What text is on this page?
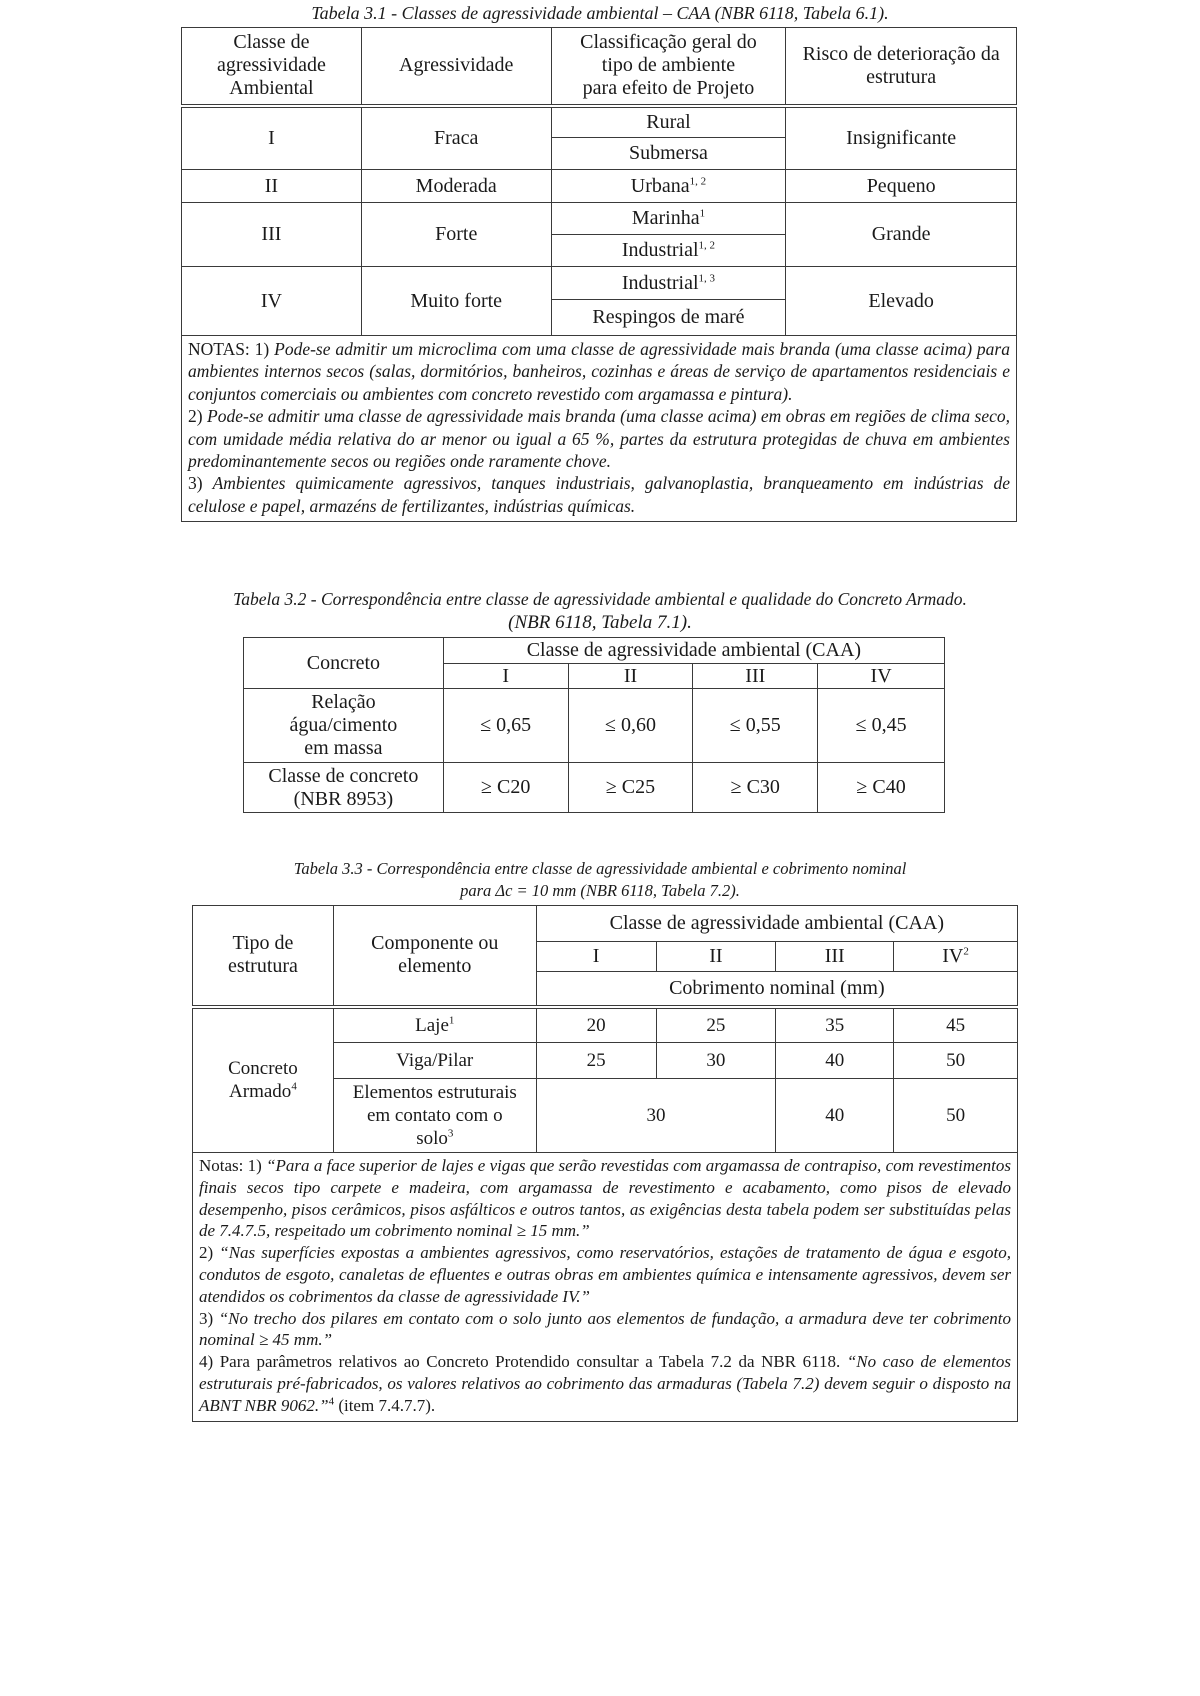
Tabela 3.1 - Classes de agressividade ambiental – CAA (NBR 6118, Tabela 6.1).
Classe de
agressividade
Ambiental	Agressividade	Classificação geral do
tipo de ambiente
para efeito de Projeto	Risco de deterioração da
estrutura
I	Fraca	Rural	Insignificante
		Submersa	
II	Moderada	Urbana$^{1, 2}$	Pequeno
III	Forte	Marinha$^1$	Grande
		Industrial$^{1, 2}$
IV	Muito forte	Industrial$^{1, 3}$	Elevado
		Respingos de maré	

NOTAS: 1) Pode-se admitir um microclima com uma classe de agressividade mais branda (uma classe acima) para ambientes internos secos (salas, dormitórios, banheiros, cozinhas e áreas de serviço de apartamentos residenciais e conjuntos comerciais ou ambientes com concreto revestido com argamassa e pintura).

2) Pode-se admitir uma classe de agressividade mais branda (uma classe acima) em obras em regiões de clima seco, com umidade média relativa do ar menor ou igual a 65 %, partes da estrutura protegidas de chuva em ambientes predominantemente secos ou regiões onde raramente chove.

3) Ambientes quimicamente agressivos, tanques industriais, galvanoplastia, branqueamento em indústrias de celulose e papel, armazéns de fertilizantes, indústrias químicas.			

Tabela 3.2 - Correspondência entre classe de agressividade ambiental e qualidade do Concreto Armado.
(NBR 6118, Tabela 7.1).
Concreto	Classe de agressividade ambiental (CAA)			
	I	II	III	IV
Relação
água/cimento
em massa	≤ 0,65	≤ 0,60	≤ 0,55	≤ 0,45
Classe de concreto
(NBR 8953)	≥ C20	≥ C25	≥ C30	≥ C40
Tabela 3.3 - Correspondência entre classe de agressividade ambiental e cobrimento nominal
para Δc = 10 mm (NBR 6118, Tabela 7.2).
Tipo de
estrutura	Componente ou
elemento	Classe de agressividade ambiental (CAA)			
		I	II	III	$IV^2$
		Cobrimento nominal (mm)			
Concreto
Armado$^4$	Laje$^1$	20	25	35	45
	Viga/Pilar	25	30	40	50
	Elementos estruturais
em contato com o
solo$^3$	30		40	50

Notas: 1) “Para a face superior de lajes e vigas que serão revestidas com argamassa de contrapiso, com revestimentos finais secos tipo carpete e madeira, com argamassa de revestimento e acabamento, como pisos de elevado desempenho, pisos cerâmicos, pisos asfálticos e outros tantos, as exigências desta tabela podem ser substituídas pelas de 7.4.7.5, respeitado um cobrimento nominal ≥ 15 mm.”

2) “Nas superfícies expostas a ambientes agressivos, como reservatórios, estações de tratamento de água e esgoto, condutos de esgoto, canaletas de efluentes e outras obras em ambientes química e intensamente agressivos, devem ser atendidos os cobrimentos da classe de agressividade IV.”

3) “No trecho dos pilares em contato com o solo junto aos elementos de fundação, a armadura deve ter cobrimento nominal ≥ 45 mm.”

4) Para parâmetros relativos ao Concreto Protendido consultar a Tabela 7.2 da NBR 6118. “No caso de elementos estruturais pré-fabricados, os valores relativos ao cobrimento das armaduras (Tabela 7.2) devem seguir o disposto na ABNT NBR 9062.”$^4$ (item 7.4.7.7).					
